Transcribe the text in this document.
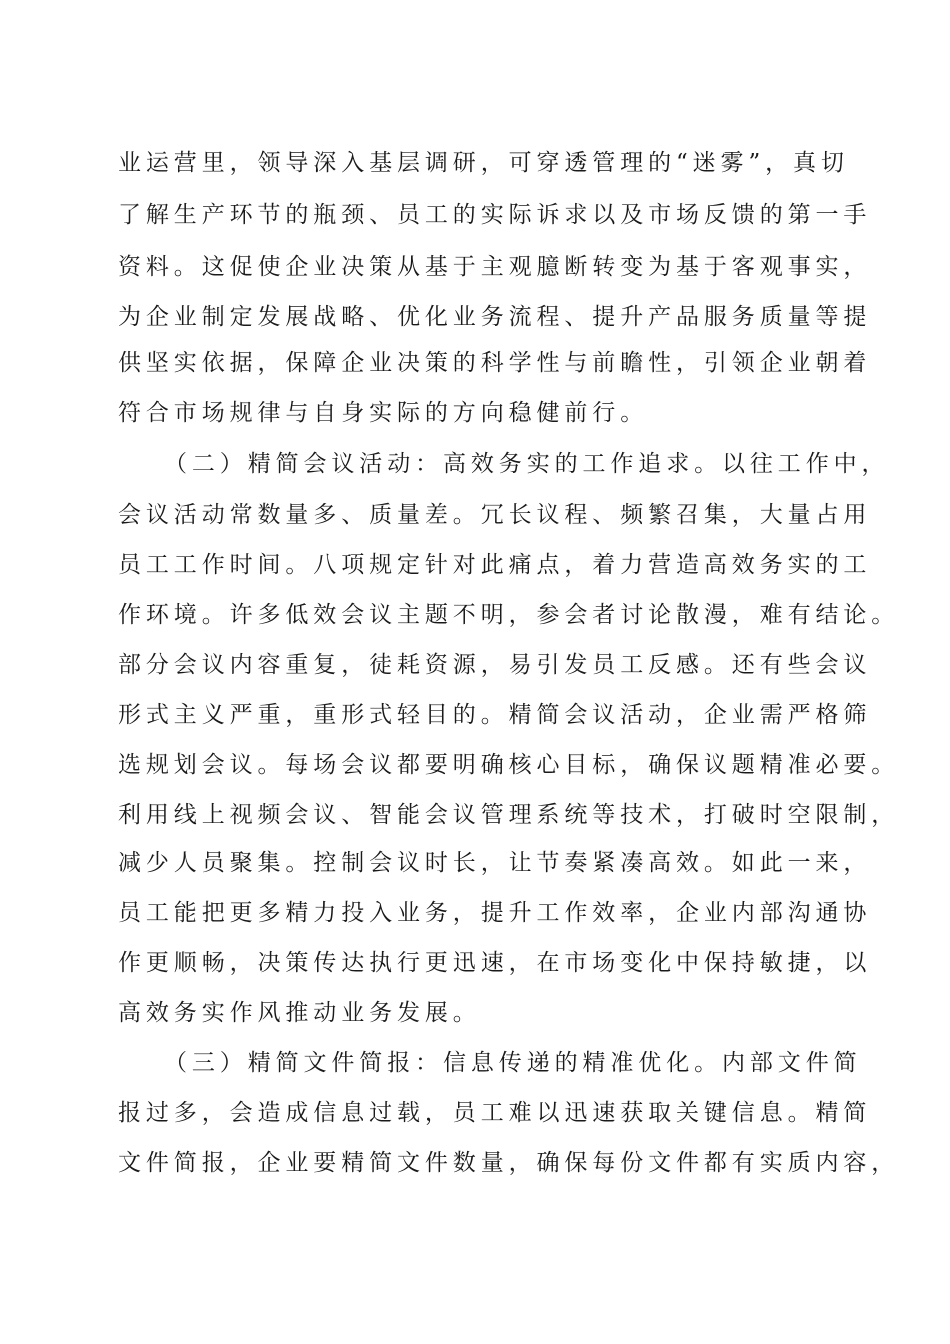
业运营里，领导深入基层调研，可穿透管理的“迷雾”，真切
了解生产环节的瓶颈、员工的实际诉求以及市场反馈的第一手
资料。这促使企业决策从基于主观臆断转变为基于客观事实，
为企业制定发展战略、优化业务流程、提升产品服务质量等提
供坚实依据，保障企业决策的科学性与前瞻性，引领企业朝着
符合市场规律与自身实际的方向稳健前行。
（二）精简会议活动：高效务实的工作追求。以往工作中，
会议活动常数量多、质量差。冗长议程、频繁召集，大量占用
员工工作时间。八项规定针对此痛点，着力营造高效务实的工
作环境。许多低效会议主题不明，参会者讨论散漫，难有结论。
部分会议内容重复，徒耗资源，易引发员工反感。还有些会议
形式主义严重，重形式轻目的。精简会议活动，企业需严格筛
选规划会议。每场会议都要明确核心目标，确保议题精准必要。
利用线上视频会议、智能会议管理系统等技术，打破时空限制，
减少人员聚集。控制会议时长，让节奏紧凑高效。如此一来，
员工能把更多精力投入业务，提升工作效率，企业内部沟通协
作更顺畅，决策传达执行更迅速，在市场变化中保持敏捷，以
高效务实作风推动业务发展。
（三）精简文件简报：信息传递的精准优化。内部文件简
报过多，会造成信息过载，员工难以迅速获取关键信息。精简
文件简报，企业要精简文件数量，确保每份文件都有实质内容，
